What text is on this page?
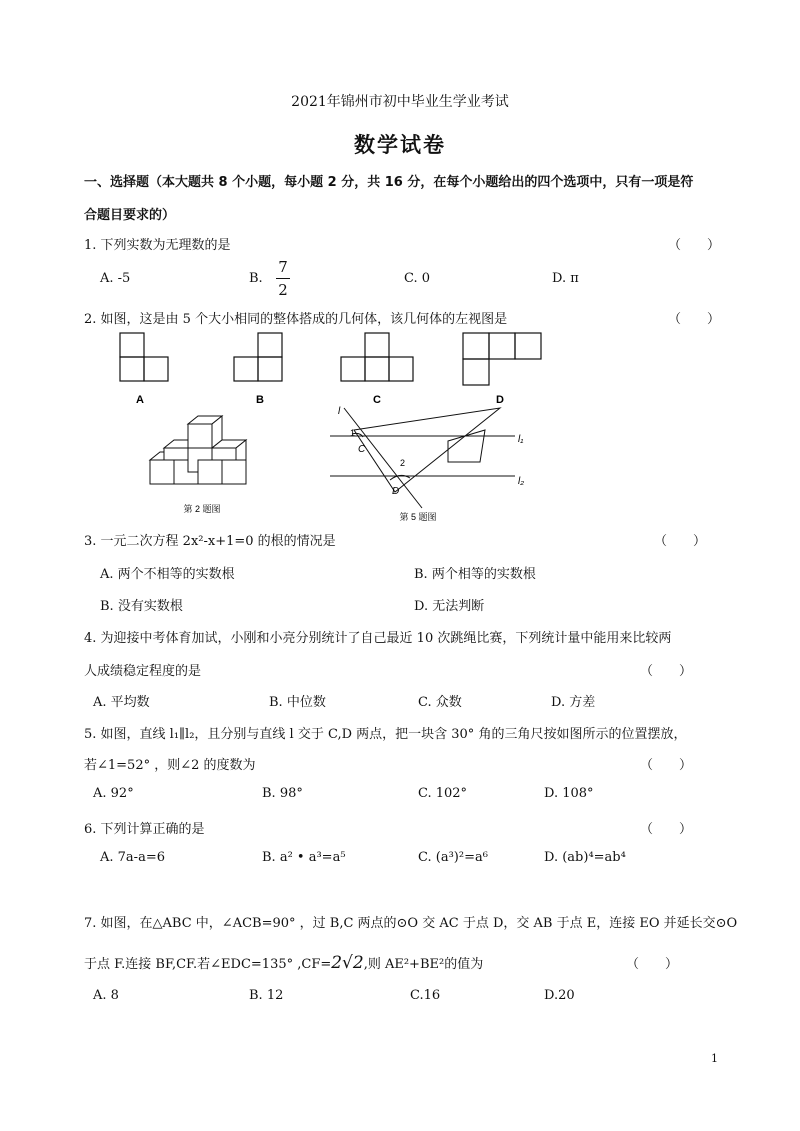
2021年锦州市初中毕业生学业考试
数学试卷
一、选择题（本大题共 8 个小题，每小题 2 分，共 16 分，在每个小题给出的四个选项中，只有一项是符
合题目要求的）
1. 下列实数为无理数的是	（　　）
A. -5	B.
7
2
C. 0	D. π
2. 如图，这是由 5 个大小相同的整体搭成的几何体，该几何体的左视图是	（　　）
A	B	C	D
第 2 题图
l
1
C
2
D
l₁
l₂
第 5 题图
3. 一元二次方程 2x²-x+1=0 的根的情况是	（　　）
A. 两个不相等的实数根	B. 两个相等的实数根
B. 没有实数根	D. 无法判断
4. 为迎接中考体育加试，小刚和小亮分别统计了自己最近 10 次跳绳比赛，下列统计量中能用来比较两
人成绩稳定程度的是	（　　）
A. 平均数	B. 中位数	C. 众数	D. 方差
5. 如图，直线 l₁∥l₂，且分别与直线 l 交于 C,D 两点，把一块含 30° 角的三角尺按如图所示的位置摆放，
若∠1=52° ，则∠2 的度数为	（　　）
A. 92°	B. 98°	C. 102°	D. 108°
6. 下列计算正确的是	（　　）
A. 7a-a=6	B. a² • a³=a⁵	C. (a³)²=a⁶	D. (ab)⁴=ab⁴
7. 如图，在△ABC 中，∠ACB=90° ，过 B,C 两点的⊙O 交 AC 于点 D，交 AB 于点 E，连接 EO 并延长交⊙O
于点 F.连接 BF,CF.若∠EDC=135° ,CF=2√2,则 AE²+BE²的值为	（　　）
A. 8	B. 12	C.16	D.20
1
